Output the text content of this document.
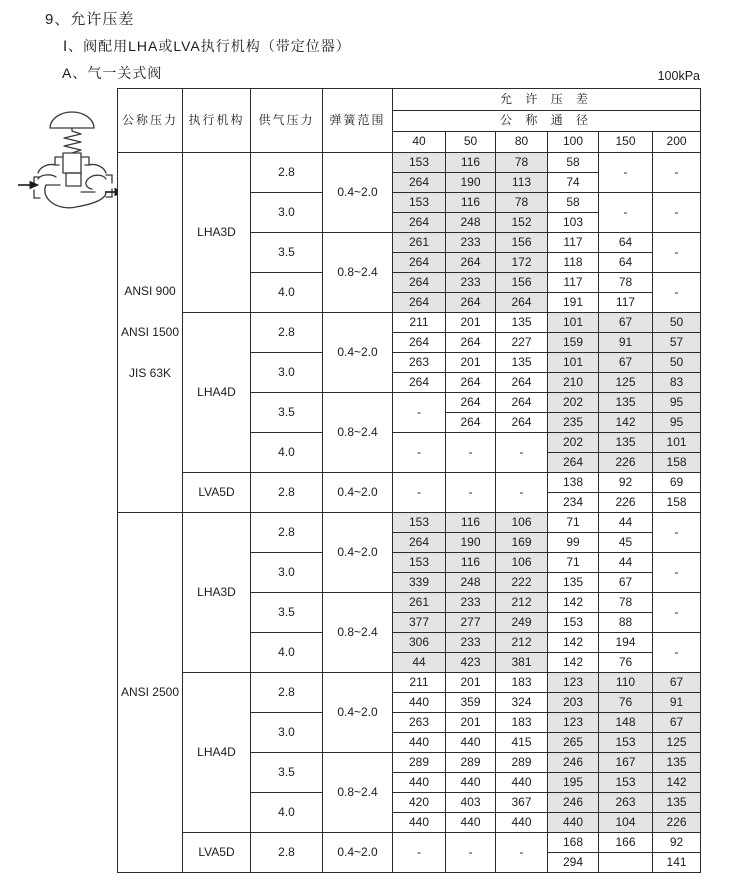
9、允许压差
Ⅰ、阀配用LHA或LVA执行机构（带定位器）
A、气一关式阀	100kPa
公称压力	执行机构	供气压力	弹簧范围	允 许 压 差					
				公 称 通 径					
				40	50	80	100	150	200

ANSI 900
ANSI 1500
JIS 63K	LHA3D	2.8	0.4~2.0	153	116	78	58	-	-
				264	190	113	74		
		3.0		153	116	78	58	-	-
				264	248	152	103		
		3.5	0.8~2.4	261	233	156	117	64	-
				264	264	172	118	64	
		4.0		264	233	156	117	78	-
				264	264	264	191	117	
	LHA4D	2.8	0.4~2.0	211	201	135	101	67	50
				264	264	227	159	91	57
		3.0		263	201	135	101	67	50
				264	264	264	210	125	83
		3.5	0.8~2.4	-	264	264	202	135	95
					264	264	235	142	95
		4.0		-	-	-	202	135	101
							264	226	158
	LVA5D	2.8	0.4~2.0	-	-	-	138	92	69
							234	226	158

ANSI 2500	LHA3D	2.8	0.4~2.0	153	116	106	71	44	-
				264	190	169	99	45	
		3.0		153	116	106	71	44	-
				339	248	222	135	67	
		3.5	0.8~2.4	261	233	212	142	78	-
				377	277	249	153	88	
		4.0		306	233	212	142	194	-
				44	423	381	142	76	
	LHA4D	2.8	0.4~2.0	211	201	183	123	110	67
				440	359	324	203	76	91
		3.0		263	201	183	123	148	67
				440	440	415	265	153	125
		3.5	0.8~2.4	289	289	289	246	167	135
				440	440	440	195	153	142
		4.0		420	403	367	246	263	135
				440	440	440	440	104	226
	LVA5D	2.8	0.4~2.0	-	-	-	168	166	92
							294		141
